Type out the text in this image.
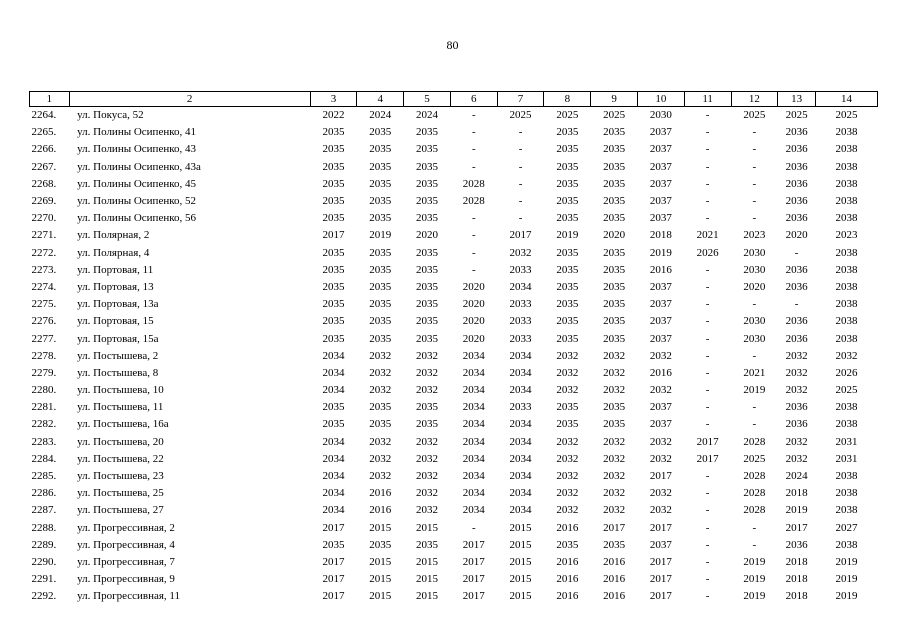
80
1	2	3	4	5	6	7	8	9	10	11	12	13	14
2264.	ул. Покуса, 52	2022	2024	2024	-	2025	2025	2025	2030	-	2025	2025	2025
2265.	ул. Полины Осипенко, 41	2035	2035	2035	-	-	2035	2035	2037	-	-	2036	2038
2266.	ул. Полины Осипенко, 43	2035	2035	2035	-	-	2035	2035	2037	-	-	2036	2038
2267.	ул. Полины Осипенко, 43а	2035	2035	2035	-	-	2035	2035	2037	-	-	2036	2038
2268.	ул. Полины Осипенко, 45	2035	2035	2035	2028	-	2035	2035	2037	-	-	2036	2038
2269.	ул. Полины Осипенко, 52	2035	2035	2035	2028	-	2035	2035	2037	-	-	2036	2038
2270.	ул. Полины Осипенко, 56	2035	2035	2035	-	-	2035	2035	2037	-	-	2036	2038
2271.	ул. Полярная, 2	2017	2019	2020	-	2017	2019	2020	2018	2021	2023	2020	2023
2272.	ул. Полярная, 4	2035	2035	2035	-	2032	2035	2035	2019	2026	2030	-	2038
2273.	ул. Портовая, 11	2035	2035	2035	-	2033	2035	2035	2016	-	2030	2036	2038
2274.	ул. Портовая, 13	2035	2035	2035	2020	2034	2035	2035	2037	-	2020	2036	2038
2275.	ул. Портовая, 13а	2035	2035	2035	2020	2033	2035	2035	2037	-	-	-	2038
2276.	ул. Портовая, 15	2035	2035	2035	2020	2033	2035	2035	2037	-	2030	2036	2038
2277.	ул. Портовая, 15а	2035	2035	2035	2020	2033	2035	2035	2037	-	2030	2036	2038
2278.	ул. Постышева, 2	2034	2032	2032	2034	2034	2032	2032	2032	-	-	2032	2032
2279.	ул. Постышева, 8	2034	2032	2032	2034	2034	2032	2032	2016	-	2021	2032	2026
2280.	ул. Постышева, 10	2034	2032	2032	2034	2034	2032	2032	2032	-	2019	2032	2025
2281.	ул. Постышева, 11	2035	2035	2035	2034	2033	2035	2035	2037	-	-	2036	2038
2282.	ул. Постышева, 16а	2035	2035	2035	2034	2034	2035	2035	2037	-	-	2036	2038
2283.	ул. Постышева, 20	2034	2032	2032	2034	2034	2032	2032	2032	2017	2028	2032	2031
2284.	ул. Постышева, 22	2034	2032	2032	2034	2034	2032	2032	2032	2017	2025	2032	2031
2285.	ул. Постышева, 23	2034	2032	2032	2034	2034	2032	2032	2017	-	2028	2024	2038
2286.	ул. Постышева, 25	2034	2016	2032	2034	2034	2032	2032	2032	-	2028	2018	2038
2287.	ул. Постышева, 27	2034	2016	2032	2034	2034	2032	2032	2032	-	2028	2019	2038
2288.	ул. Прогрессивная, 2	2017	2015	2015	-	2015	2016	2017	2017	-	-	2017	2027
2289.	ул. Прогрессивная, 4	2035	2035	2035	2017	2015	2035	2035	2037	-	-	2036	2038
2290.	ул. Прогрессивная, 7	2017	2015	2015	2017	2015	2016	2016	2017	-	2019	2018	2019
2291.	ул. Прогрессивная, 9	2017	2015	2015	2017	2015	2016	2016	2017	-	2019	2018	2019
2292.	ул. Прогрессивная, 11	2017	2015	2015	2017	2015	2016	2016	2017	-	2019	2018	2019
